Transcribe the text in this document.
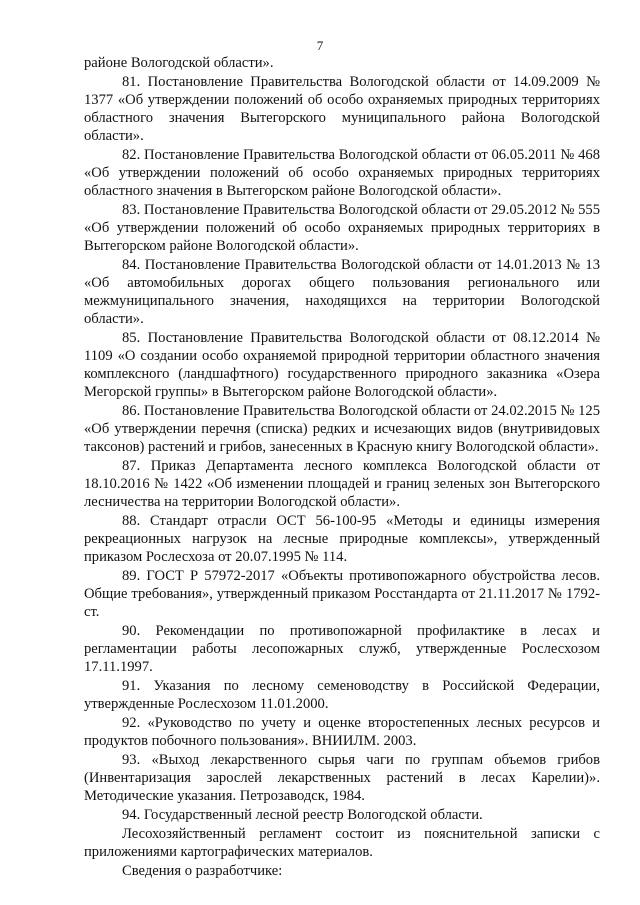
7

районе Вологодской области».

81. Постановление Правительства Вологодской области от 14.09.2009 № 1377 «Об утверждении положений об особо охраняемых природных территориях областного значения Вытегорского муниципального района Вологодской области».

82. Постановление Правительства Вологодской области от 06.05.2011 № 468 «Об утверждении положений об особо охраняемых природных территориях областного значения в Вытегорском районе Вологодской области».

83. Постановление Правительства Вологодской области от 29.05.2012 № 555 «Об утверждении положений об особо охраняемых природных территориях в Вытегорском районе Вологодской области».

84. Постановление Правительства Вологодской области от 14.01.2013 № 13 «Об автомобильных дорогах общего пользования регионального или межмуниципального значения, находящихся на территории Вологодской области».

85. Постановление Правительства Вологодской области от 08.12.2014 № 1109 «О создании особо охраняемой природной территории областного значения комплексного (ландшафтного) государственного природного заказника «Озера Мегорской группы» в Вытегорском районе Вологодской области».

86. Постановление Правительства Вологодской области от 24.02.2015 № 125 «Об утверждении перечня (списка) редких и исчезающих видов (внутривидовых таксонов) растений и грибов, занесенных в Красную книгу Вологодской области».

87. Приказ Департамента лесного комплекса Вологодской области от 18.10.2016 № 1422 «Об изменении площадей и границ зеленых зон Вытегорского лесничества на территории Вологодской области».

88. Стандарт отрасли ОСТ 56-100-95 «Методы и единицы измерения рекреационных нагрузок на лесные природные комплексы», утвержденный приказом Рослесхоза от 20.07.1995 № 114.

89. ГОСТ Р 57972-2017 «Объекты противопожарного обустройства лесов. Общие требования», утвержденный приказом Росстандарта от 21.11.2017 № 1792-ст.

90. Рекомендации по противопожарной профилактике в лесах и регламентации работы лесопожарных служб, утвержденные Рослесхозом 17.11.1997.

91. Указания по лесному семеноводству в Российской Федерации, утвержденные Рослесхозом 11.01.2000.

92. «Руководство по учету и оценке второстепенных лесных ресурсов и продуктов побочного пользования». ВНИИЛМ. 2003.

93. «Выход лекарственного сырья чаги по группам объемов грибов (Инвентаризация зарослей лекарственных растений в лесах Карелии)». Методические указания. Петрозаводск, 1984.

94. Государственный лесной реестр Вологодской области.

Лесохозяйственный регламент состоит из пояснительной записки с приложениями картографических материалов.

Сведения о разработчике:
